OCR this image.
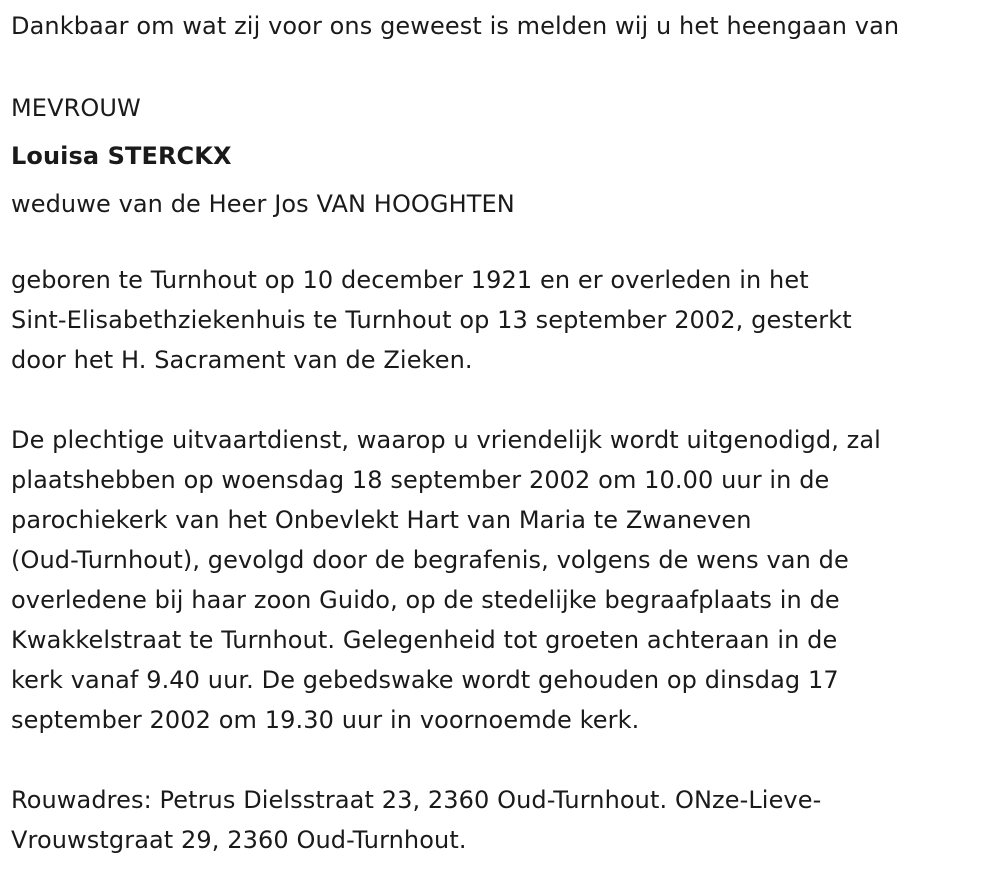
Dankbaar om wat zij voor ons geweest is melden wij u het heengaan van
MEVROUW
Louisa STERCKX
weduwe van de Heer Jos VAN HOOGHTEN
geboren te Turnhout op 10 december 1921 en er overleden in het
Sint-Elisabethziekenhuis te Turnhout op 13 september 2002, gesterkt
door het H. Sacrament van de Zieken.
De plechtige uitvaartdienst, waarop u vriendelijk wordt uitgenodigd, zal
plaatshebben op woensdag 18 september 2002 om 10.00 uur in de
parochiekerk van het Onbevlekt Hart van Maria te Zwaneven
(Oud-Turnhout), gevolgd door de begrafenis, volgens de wens van de
overledene bij haar zoon Guido, op de stedelijke begraafplaats in de
Kwakkelstraat te Turnhout. Gelegenheid tot groeten achteraan in de
kerk vanaf 9.40 uur. De gebedswake wordt gehouden op dinsdag 17
september 2002 om 19.30 uur in voornoemde kerk.
Rouwadres: Petrus Dielsstraat 23, 2360 Oud-Turnhout. ONze-Lieve-
Vrouwstgraat 29, 2360 Oud-Turnhout.
